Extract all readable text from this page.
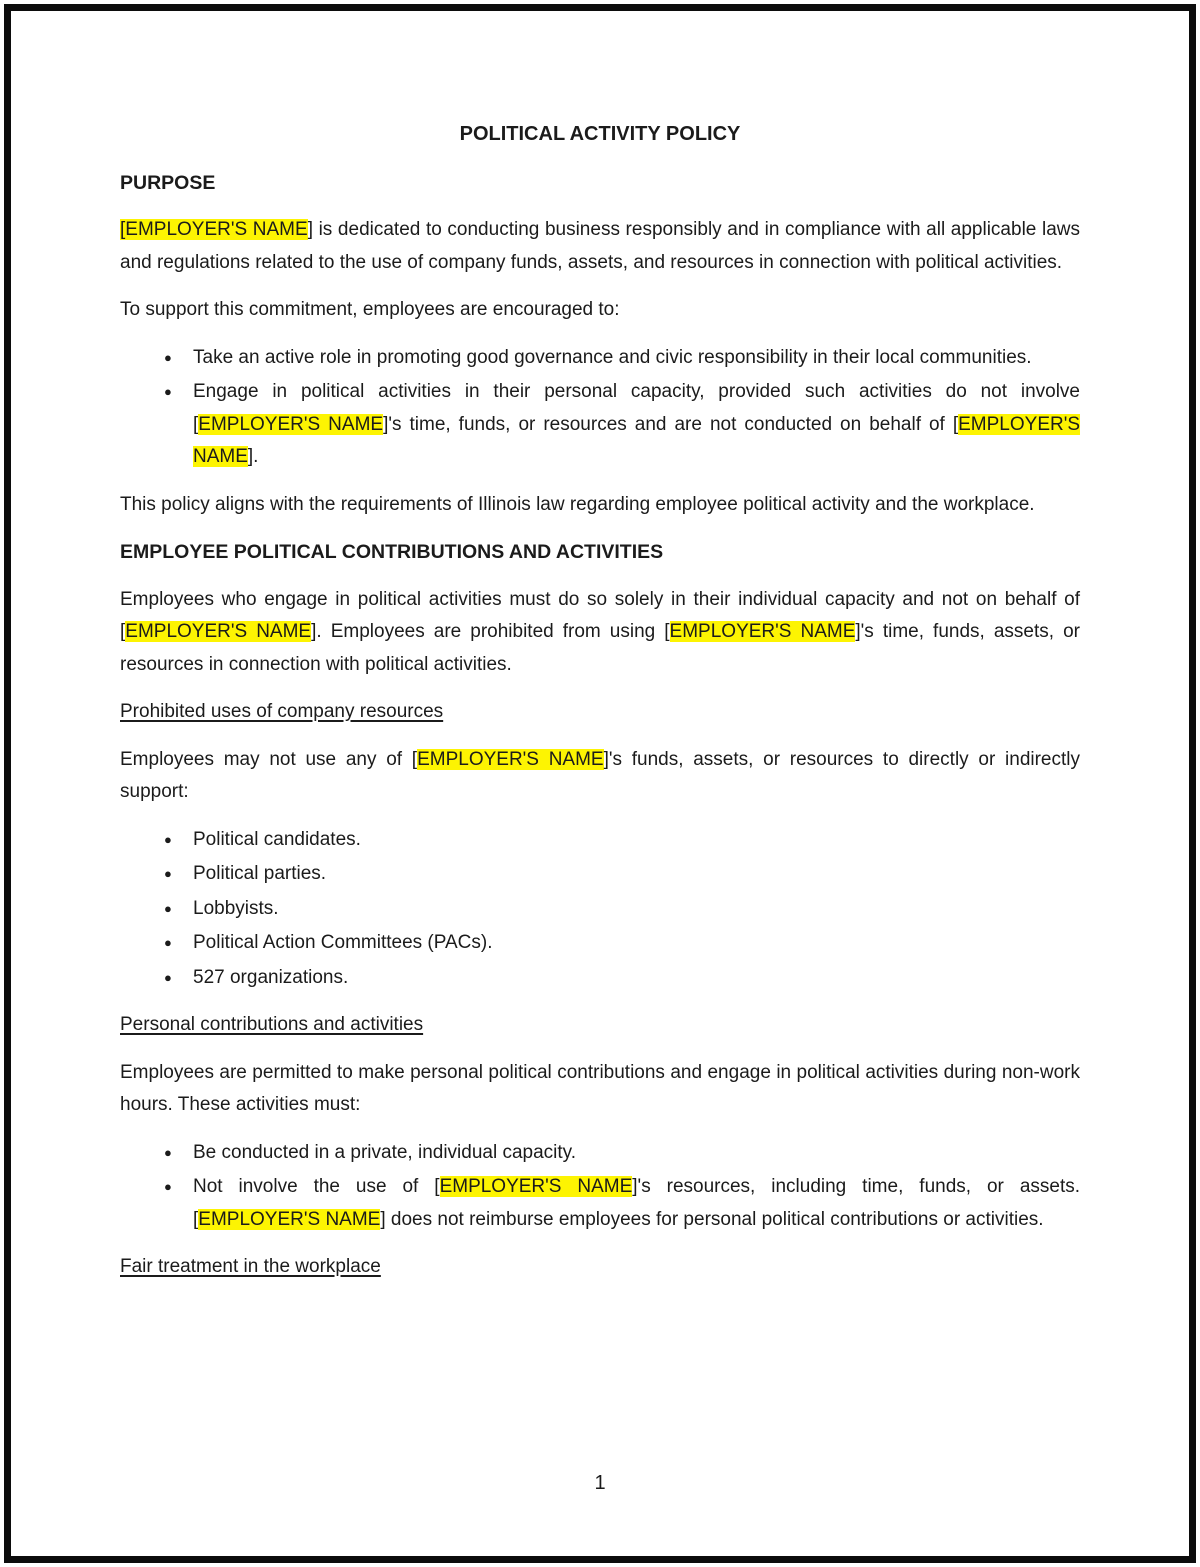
POLITICAL ACTIVITY POLICY

PURPOSE

[EMPLOYER'S NAME] is dedicated to conducting business responsibly and in compliance with all applicable laws and regulations related to the use of company funds, assets, and resources in connection with political activities.

To support this commitment, employees are encouraged to:

● Take an active role in promoting good governance and civic responsibility in their local communities.
● Engage in political activities in their personal capacity, provided such activities do not involve [EMPLOYER'S NAME]'s time, funds, or resources and are not conducted on behalf of [EMPLOYER'S NAME].

This policy aligns with the requirements of Illinois law regarding employee political activity and the workplace.

EMPLOYEE POLITICAL CONTRIBUTIONS AND ACTIVITIES

Employees who engage in political activities must do so solely in their individual capacity and not on behalf of [EMPLOYER'S NAME]. Employees are prohibited from using [EMPLOYER'S NAME]'s time, funds, assets, or resources in connection with political activities.

Prohibited uses of company resources

Employees may not use any of [EMPLOYER'S NAME]'s funds, assets, or resources to directly or indirectly support:

● Political candidates.
● Political parties.
● Lobbyists.
● Political Action Committees (PACs).
● 527 organizations.

Personal contributions and activities

Employees are permitted to make personal political contributions and engage in political activities during non-work hours. These activities must:

● Be conducted in a private, individual capacity.
● Not involve the use of [EMPLOYER'S NAME]'s resources, including time, funds, or assets. [EMPLOYER'S NAME] does not reimburse employees for personal political contributions or activities.

Fair treatment in the workplace

1
